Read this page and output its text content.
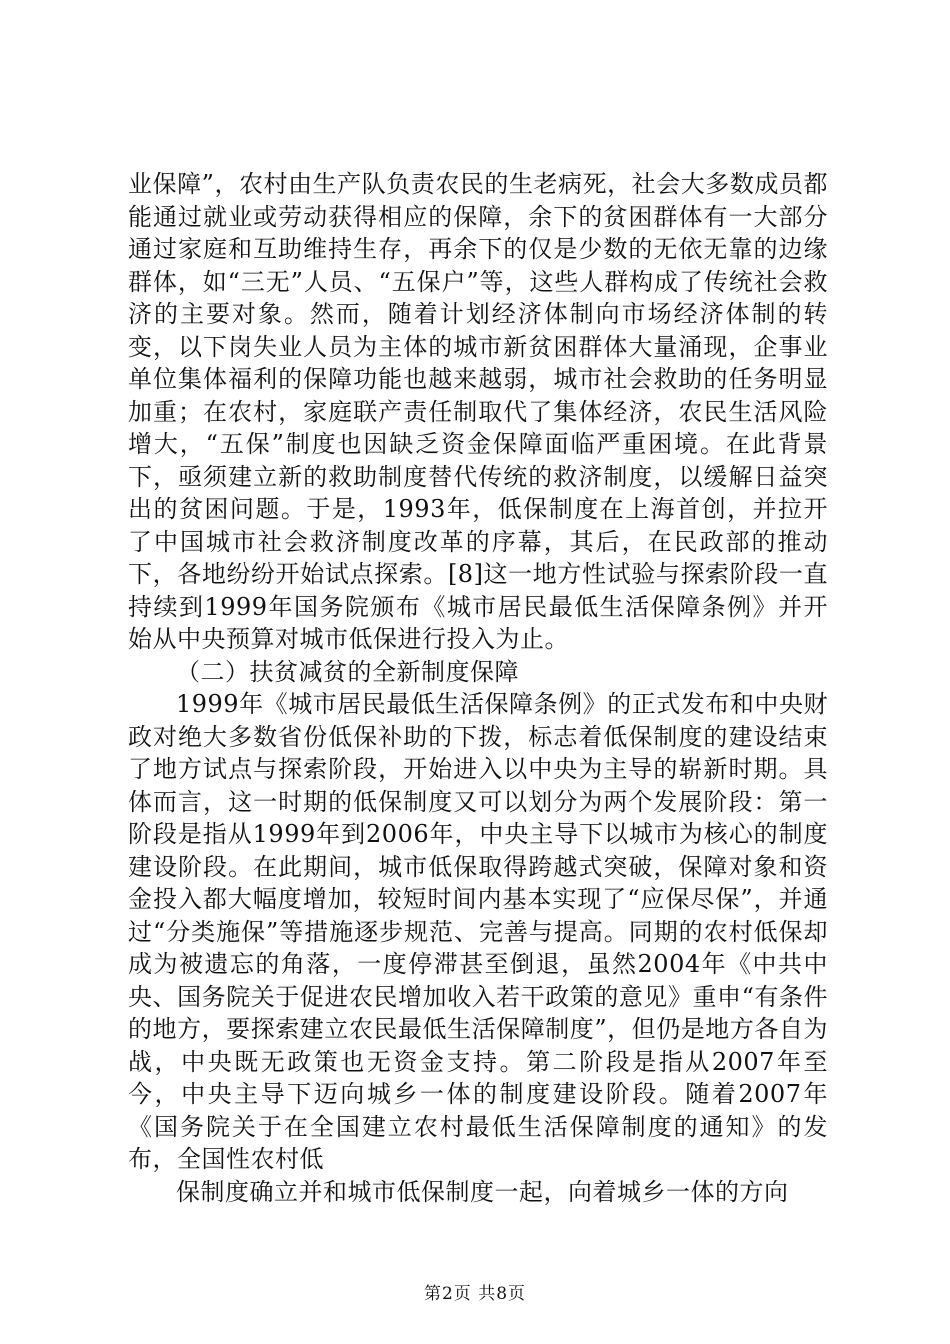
业保障”，农村由生产队负责农民的生老病死，社会大多数成员都能通过就业或劳动获得相应的保障，余下的贫困群体有一大部分通过家庭和互助维持生存，再余下的仅是少数的无依无靠的边缘群体，如“三无”人员、“五保户”等，这些人群构成了传统社会救济的主要对象。然而，随着计划经济体制向市场经济体制的转变，以下岗失业人员为主体的城市新贫困群体大量涌现，企事业单位集体福利的保障功能也越来越弱，城市社会救助的任务明显加重；在农村，家庭联产责任制取代了集体经济，农民生活风险增大，“五保”制度也因缺乏资金保障面临严重困境。在此背景下，亟须建立新的救助制度替代传统的救济制度，以缓解日益突出的贫困问题。于是，1993年，低保制度在上海首创，并拉开了中国城市社会救济制度改革的序幕，其后，在民政部的推动下，各地纷纷开始试点探索。[8]这一地方性试验与探索阶段一直持续到1999年国务院颁布《城市居民最低生活保障条例》并开始从中央预算对城市低保进行投入为止。

（二）扶贫减贫的全新制度保障

1999年《城市居民最低生活保障条例》的正式发布和中央财政对绝大多数省份低保补助的下拨，标志着低保制度的建设结束了地方试点与探索阶段，开始进入以中央为主导的崭新时期。具体而言，这一时期的低保制度又可以划分为两个发展阶段：第一阶段是指从1999年到2006年，中央主导下以城市为核心的制度建设阶段。在此期间，城市低保取得跨越式突破，保障对象和资金投入都大幅度增加，较短时间内基本实现了“应保尽保”，并通过“分类施保”等措施逐步规范、完善与提高。同期的农村低保却成为被遗忘的角落，一度停滞甚至倒退，虽然2004年《中共中央、国务院关于促进农民增加收入若干政策的意见》重申“有条件的地方，要探索建立农民最低生活保障制度”，但仍是地方各自为战，中央既无政策也无资金支持。第二阶段是指从2007年至今，中央主导下迈向城乡一体的制度建设阶段。随着2007年《国务院关于在全国建立农村最低生活保障制度的通知》的发布，全国性农村低

保制度确立并和城市低保制度一起，向着城乡一体的方向

第2页 共8页
